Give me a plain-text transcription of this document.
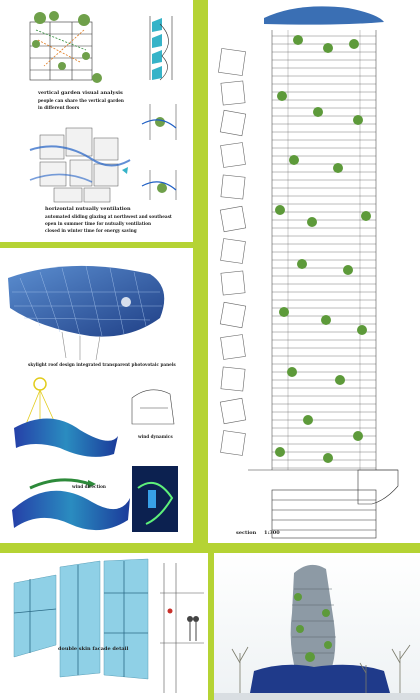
vertical garden visual analysis
people can share the vertical garden
in different floors
horizontal nutually ventilation
automated sliding glazing at northwest and southeast
open in summer time for nutually ventilation
closed in winter time for energy saving
skylight roof design integrated transparent photovotaic panels
wind dynamics
wind direction
section 1:300
double skin facade detail
